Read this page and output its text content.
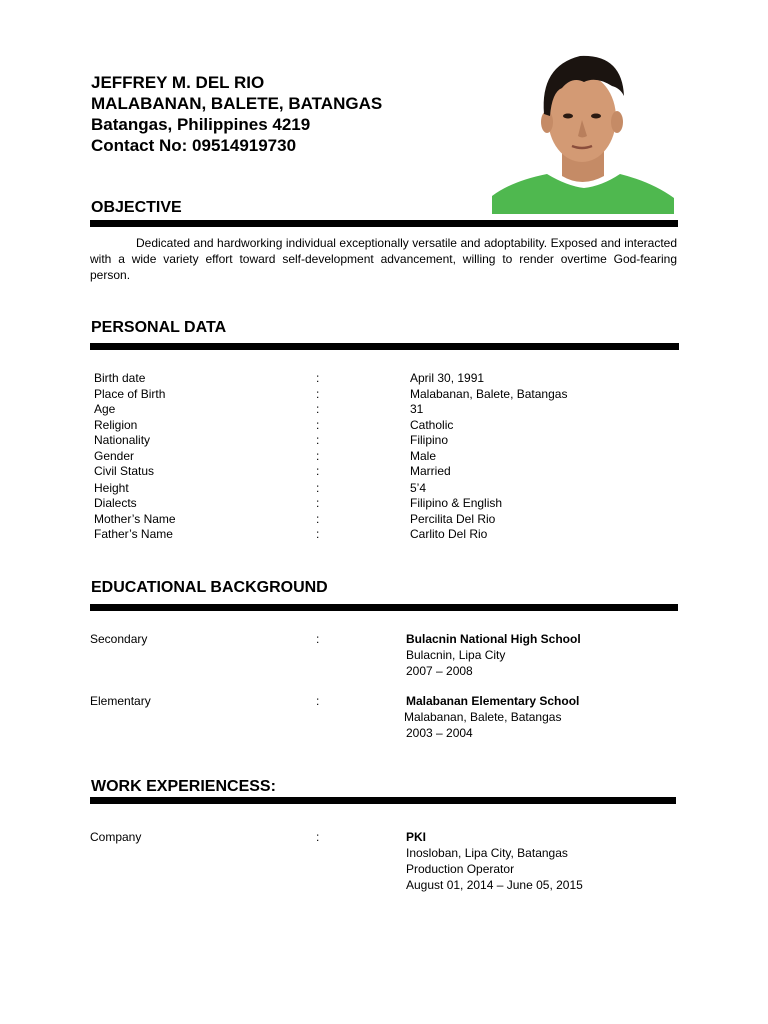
JEFFREY M. DEL RIO
MALABANAN, BALETE, BATANGAS
Batangas, Philippines 4219
Contact No: 09514919730
OBJECTIVE
Dedicated and hardworking individual exceptionally versatile and adoptability. Exposed and interacted with a wide variety effort toward self-development advancement, willing to render overtime God-fearing person.
PERSONAL DATA
Birth date	:	April 30, 1991
Place of Birth	:	Malabanan, Balete, Batangas
Age	:	31
Religion	:	Catholic
Nationality	:	Filipino
Gender	:	Male
Civil Status	:	Married
Height	:	5’4
Dialects	:	Filipino & English
Mother’s Name	:	Percilita Del Rio
Father’s Name	:	Carlito Del Rio
EDUCATIONAL BACKGROUND
Secondary	:	Bulacnin National High School
Bulacnin, Lipa City
2007 – 2008
Elementary	:	Malabanan Elementary School
Malabanan, Balete, Batangas
2003 – 2004
WORK EXPERIENCESS:
Company	:	PKI
Inosloban, Lipa City, Batangas
Production Operator
August 01, 2014 – June 05, 2015
